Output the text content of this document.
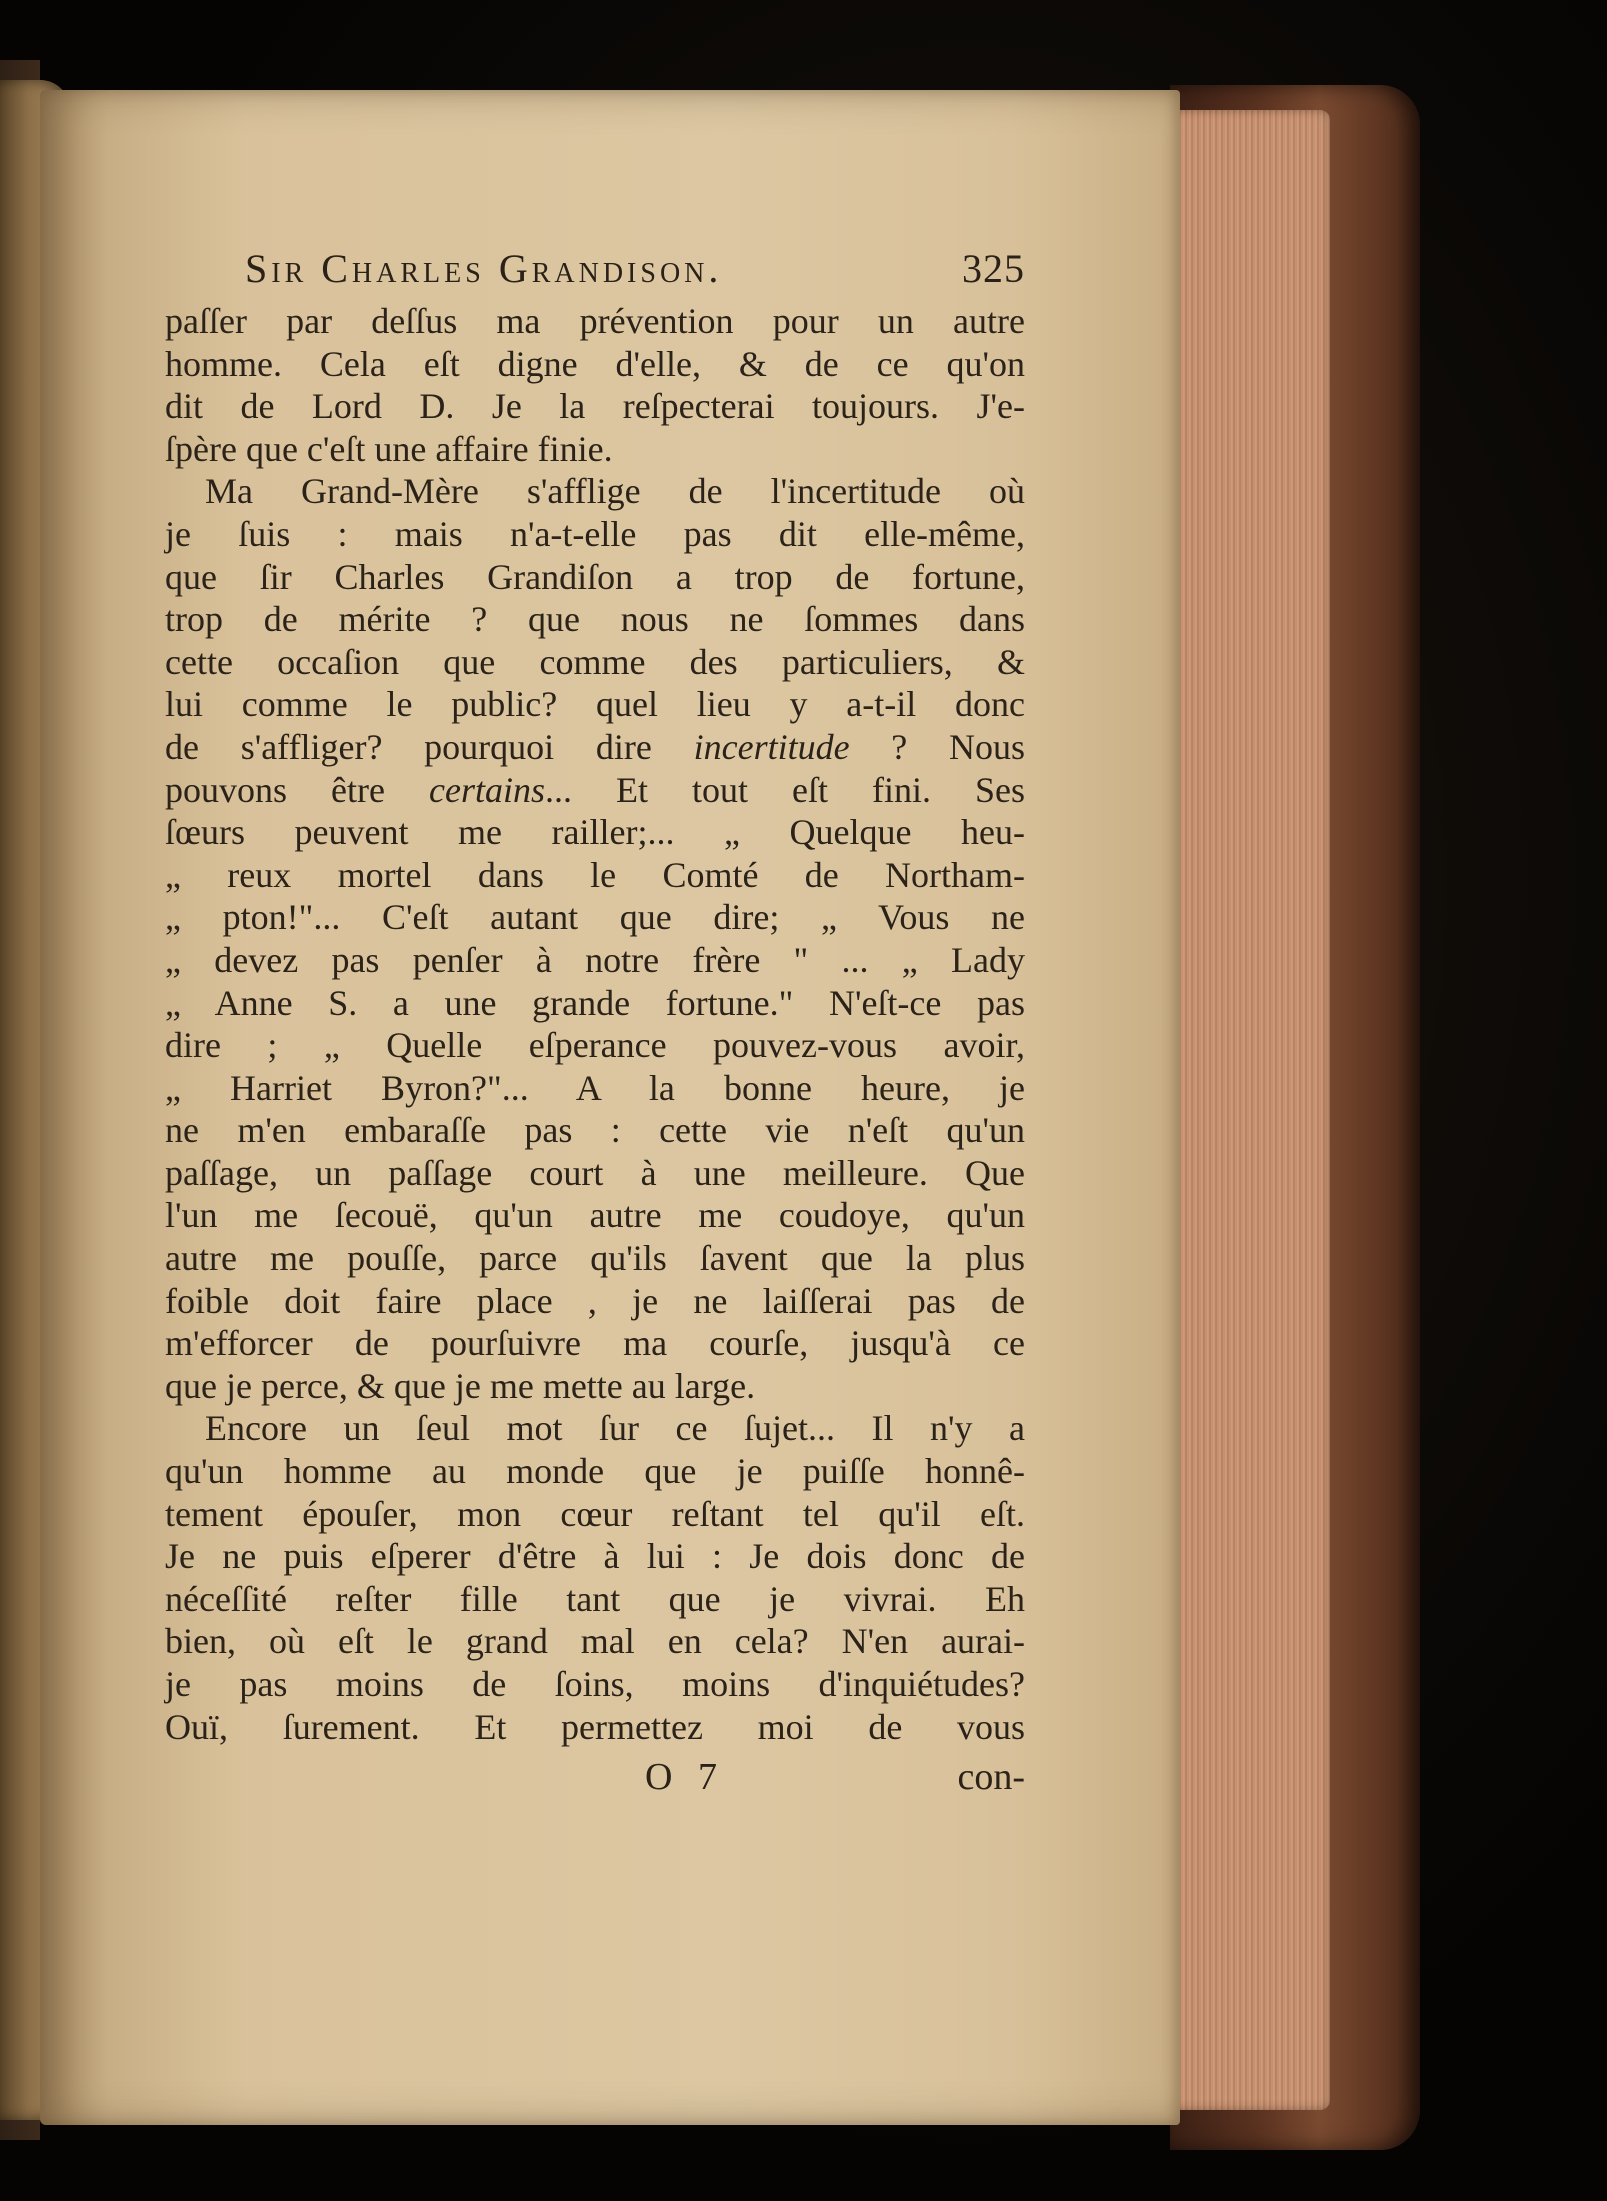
Sir Charles Grandison.	325
paſſer par deſſus ma prévention pour un autre
homme. Cela eſt digne d'elle, & de ce qu'on
dit de Lord D. Je la reſpecterai toujours. J'e-
ſpère que c'eſt une affaire finie.
Ma Grand-Mère s'afflige de l'incertitude où
je ſuis : mais n'a-t-elle pas dit elle-même,
que ſir Charles Grandiſon a trop de fortune,
trop de mérite ? que nous ne ſommes dans
cette occaſion que comme des particuliers, &
lui comme le public? quel lieu y a-t-il donc
de s'affliger? pourquoi dire incertitude ? Nous
pouvons être certains... Et tout eſt fini. Ses
ſœurs peuvent me railler;... „ Quelque heu-
„ reux mortel dans le Comté de Northam-
„ pton!"... C'eſt autant que dire; „ Vous ne
„ devez pas penſer à notre frère " ... „ Lady
„ Anne S. a une grande fortune." N'eſt-ce pas
dire ; „ Quelle eſperance pouvez-vous avoir,
„ Harriet Byron?"... A la bonne heure, je
ne m'en embaraſſe pas : cette vie n'eſt qu'un
paſſage, un paſſage court à une meilleure. Que
l'un me ſecouë, qu'un autre me coudoye, qu'un
autre me pouſſe, parce qu'ils ſavent que la plus
foible doit faire place , je ne laiſſerai pas de
m'efforcer de pourſuivre ma courſe, jusqu'à ce
que je perce, & que je me mette au large.
Encore un ſeul mot ſur ce ſujet... Il n'y a
qu'un homme au monde que je puiſſe honnê-
tement épouſer, mon cœur reſtant tel qu'il eſt.
Je ne puis eſperer d'être à lui : Je dois donc de
néceſſité reſter fille tant que je vivrai. Eh
bien, où eſt le grand mal en cela? N'en aurai-
je pas moins de ſoins, moins d'inquiétudes?
Ouï, ſurement. Et permettez moi de vous
O 7	con-
